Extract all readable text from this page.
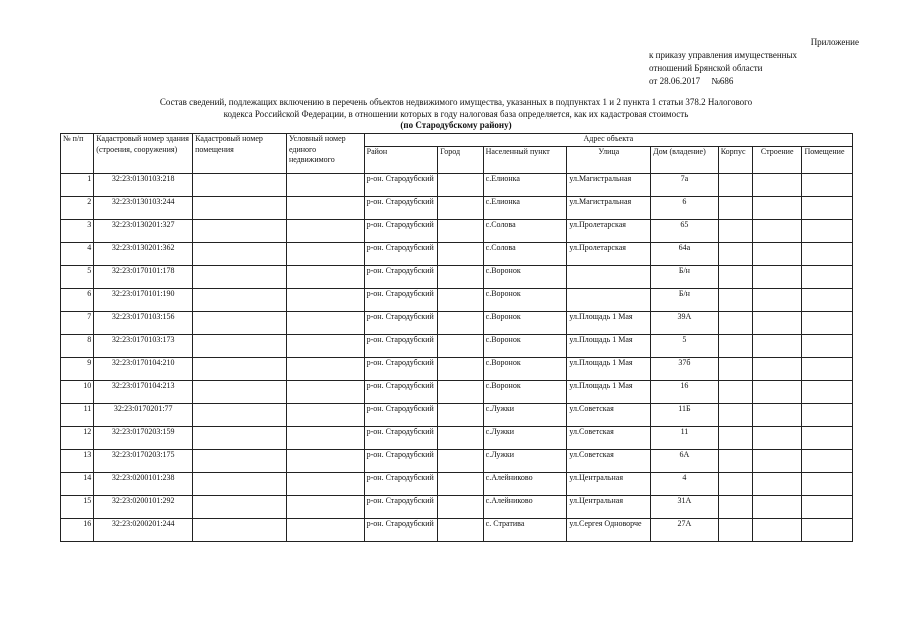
Приложение
к приказу управления имущественных
отношений Брянской области
от 28.06.2017     №686
Состав сведений, подлежащих включению в перечень объектов недвижимого имущества, указанных в подпунктах 1 и 2 пункта 1 статьи 378.2 Налогового
кодекса Российской Федерации, в отношении которых в году налоговая база определяется, как их кадастровая стоимость
(по Стародубскому району)
№ п/п	Кадастровый номер здания (строения, сооружения)	Кадастровый номер помещения	Условный номер единого недвижимого	Адрес объекта							
				Район	Город	Населенный пункт	Улица	Дом (владение)	Корпус	Строение	Помещение
1	32:23:0130103:218			р-он. Стародубский		с.Елионка	ул.Магистральная	7а			
2	32:23:0130103:244			р-он. Стародубский		с.Елионка	ул.Магистральная	6			
3	32:23:0130201:327			р-он. Стародубский		с.Солова	ул.Пролетарская	65			
4	32:23:0130201:362			р-он. Стародубский		с.Солова	ул.Пролетарская	64а			
5	32:23:0170101:178			р-он. Стародубский		с.Воронок		Б/н			
6	32:23:0170101:190			р-он. Стародубский		с.Воронок		Б/н			
7	32:23:0170103:156			р-он. Стародубский		с.Воронок	ул.Площадь 1 Мая	39А			
8	32:23:0170103:173			р-он. Стародубский		с.Воронок	ул.Площадь 1 Мая	5			
9	32:23:0170104:210			р-он. Стародубский		с.Воронок	ул.Площадь 1 Мая	37б			
10	32:23:0170104:213			р-он. Стародубский		с.Воронок	ул.Площадь 1 Мая	16			
11	32:23:0170201:77			р-он. Стародубский		с.Лужки	ул.Советская	11Б			
12	32:23:0170203:159			р-он. Стародубский		с.Лужки	ул.Советская	11			
13	32:23:0170203:175			р-он. Стародубский		с.Лужки	ул.Советская	6А			
14	32:23:0200101:238			р-он. Стародубский		с.Алейниково	ул.Центральная	4			
15	32:23:0200101:292			р-он. Стародубский		с.Алейниково	ул.Центральная	31А			
16	32:23:0200201:244			р-он. Стародубский		с. Стратива	ул.Сергея Одноворче	27А			
